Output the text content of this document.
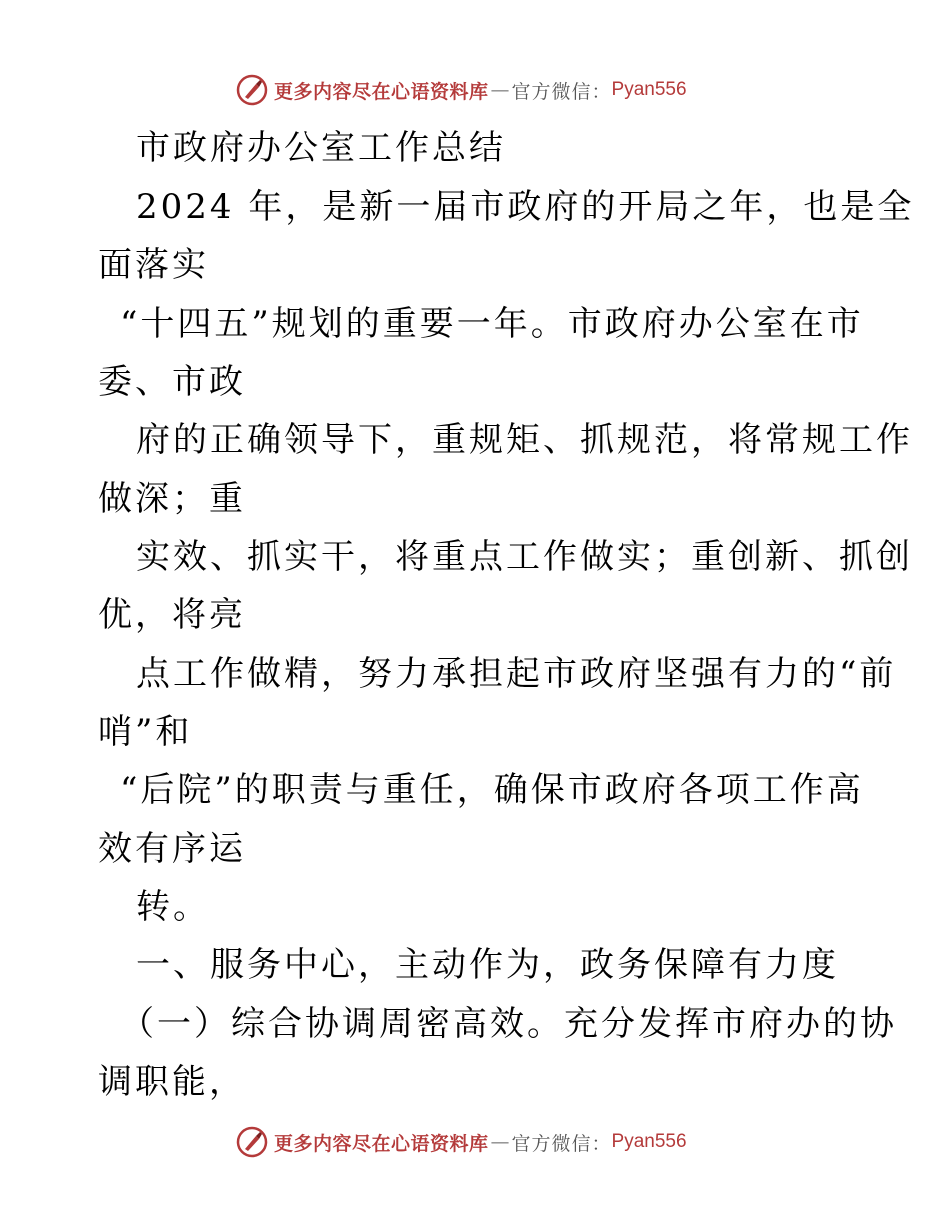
更多内容尽在心语资料库 — 官方微信： Pyan556
市政府办公室工作总结
2024 年，是新一届市政府的开局之年，也是全
面落实
“十四五”规划的重要一年。市政府办公室在市
委、市政
府的正确领导下，重规矩、抓规范，将常规工作
做深；重
实效、抓实干，将重点工作做实；重创新、抓创
优，将亮
点工作做精，努力承担起市政府坚强有力的“前
哨”和
“后院”的职责与重任，确保市政府各项工作高
效有序运
转。
一、服务中心，主动作为，政务保障有力度
（一）综合协调周密高效。充分发挥市府办的协
调职能，
更多内容尽在心语资料库 — 官方微信： Pyan556
